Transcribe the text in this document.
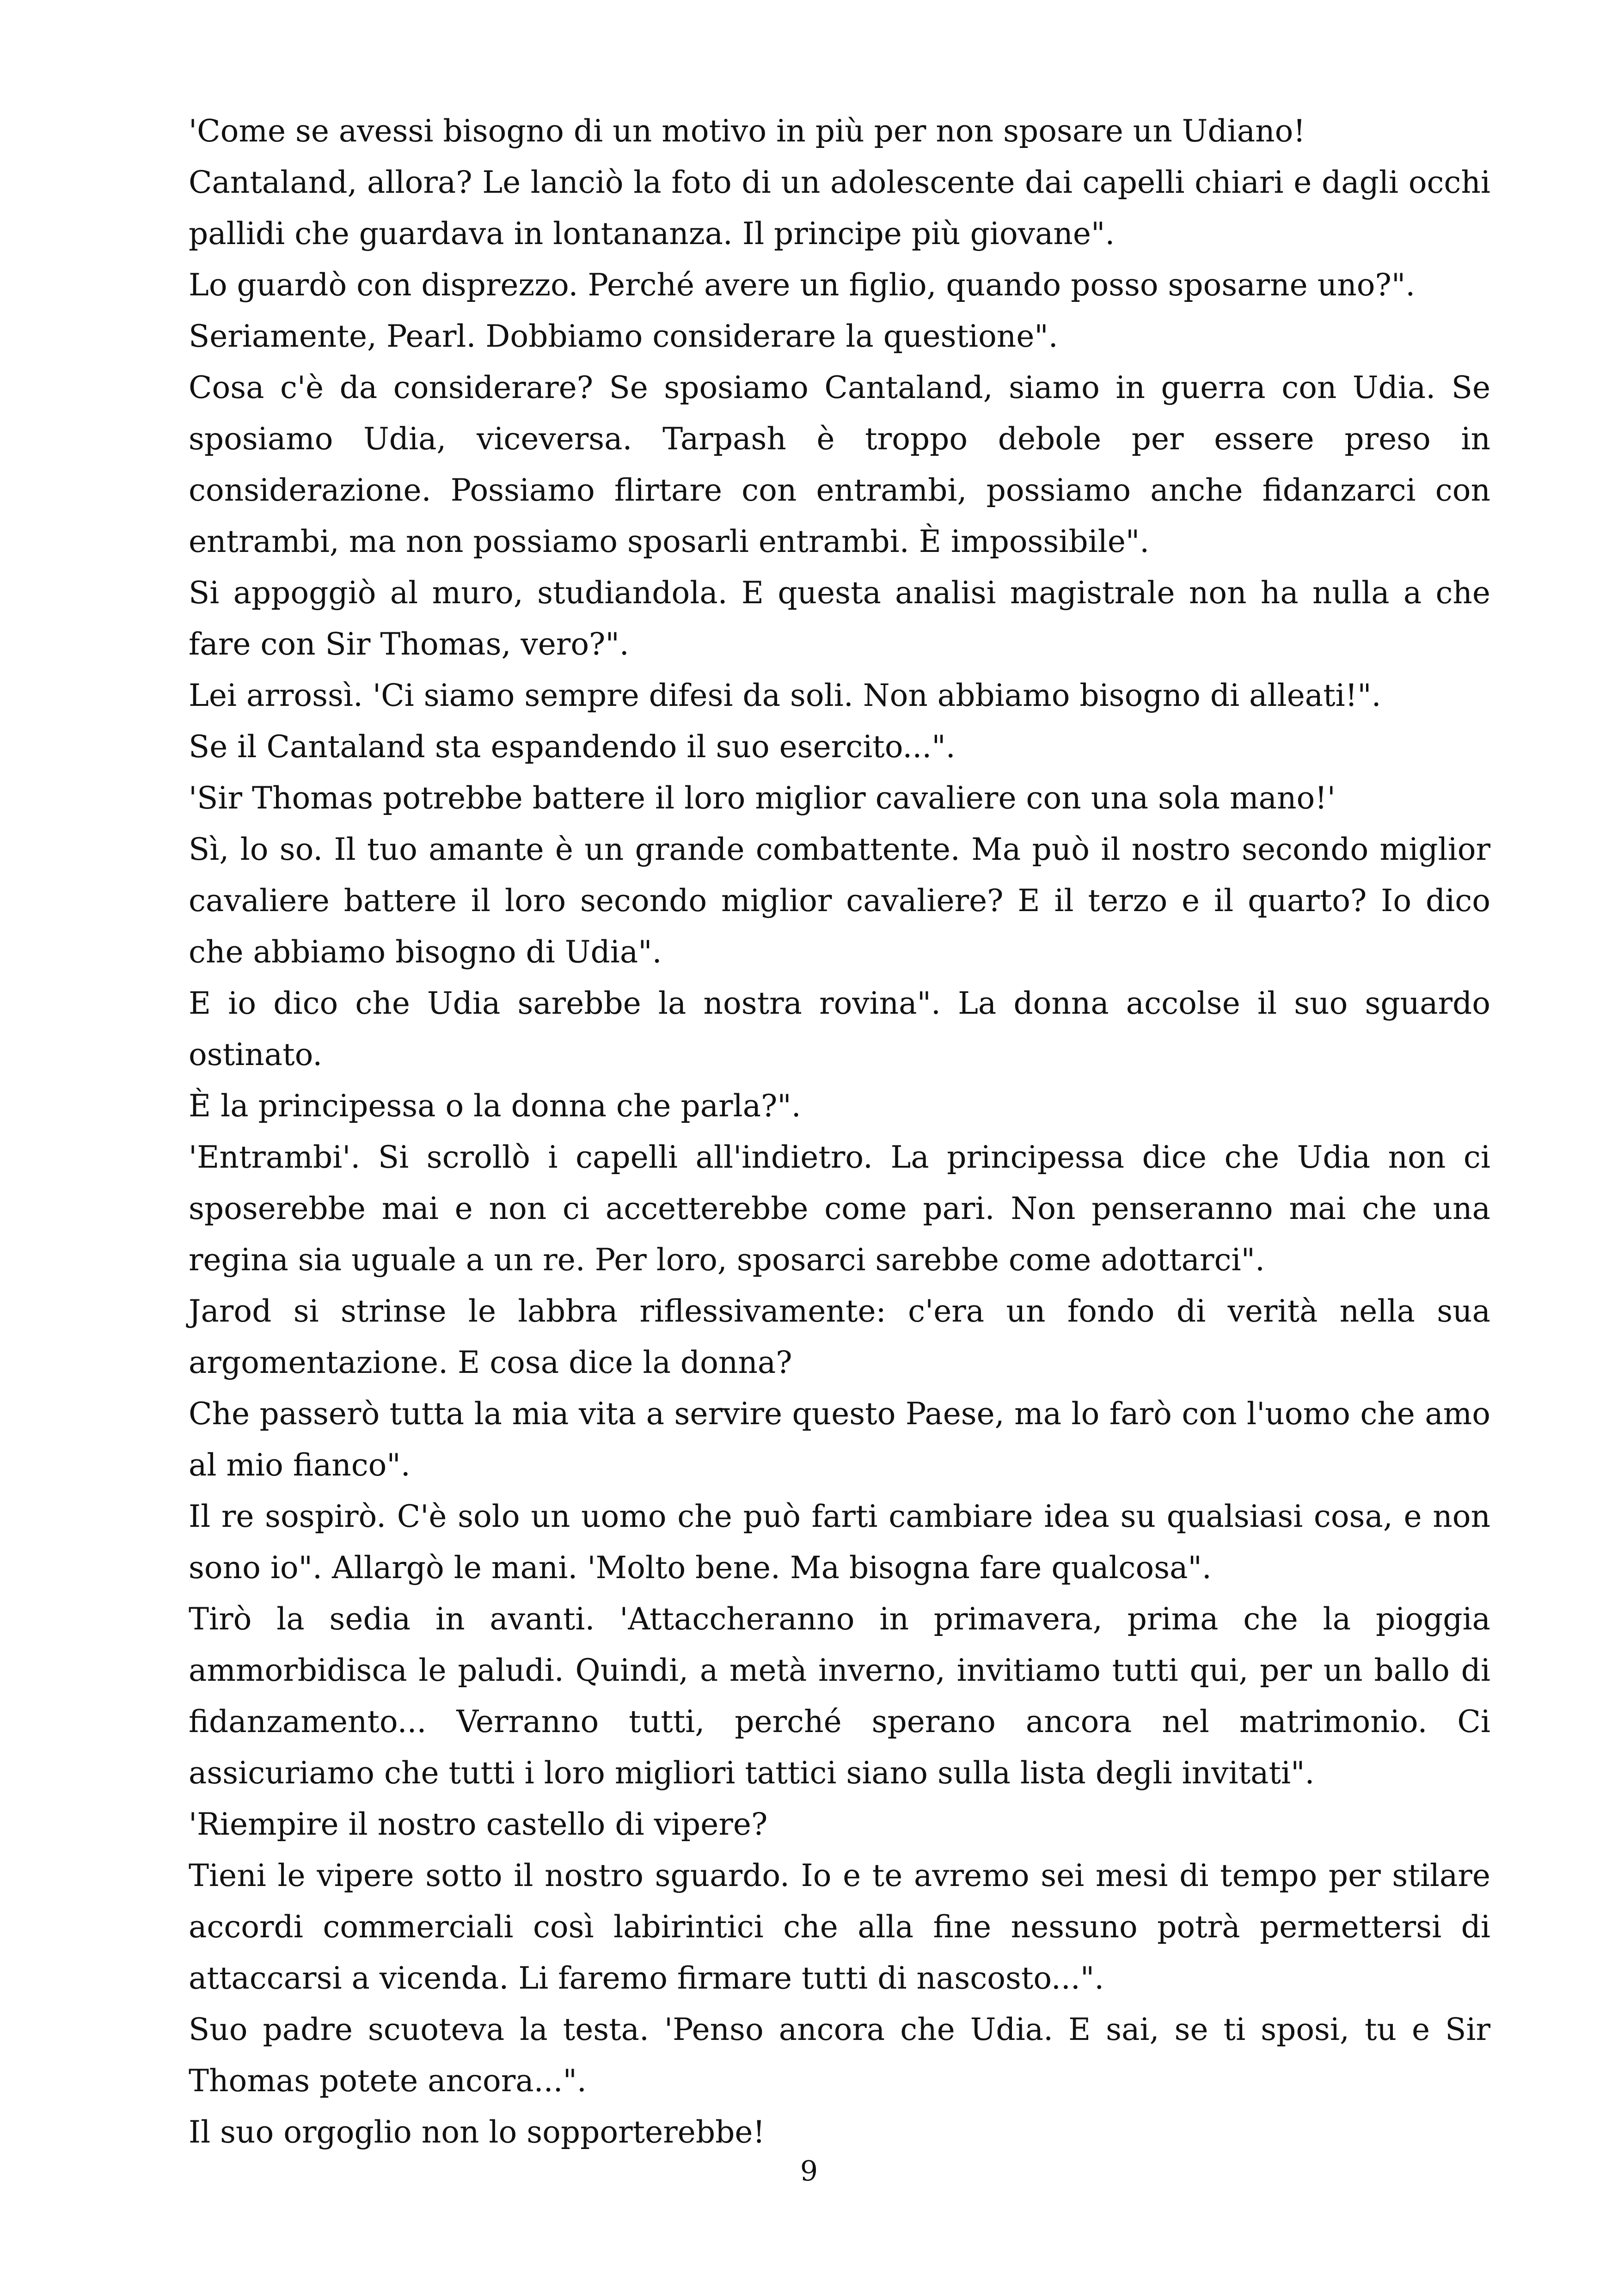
'Come se avessi bisogno di un motivo in più per non sposare un Udiano!

Cantaland, allora? Le lanciò la foto di un adolescente dai capelli chiari e dagli occhi pallidi che guardava in lontananza. Il principe più giovane".

Lo guardò con disprezzo. Perché avere un figlio, quando posso sposarne uno?".

Seriamente, Pearl. Dobbiamo considerare la questione".

Cosa c'è da considerare? Se sposiamo Cantaland, siamo in guerra con Udia. Se sposiamo Udia, viceversa. Tarpash è troppo debole per essere preso in considerazione. Possiamo flirtare con entrambi, possiamo anche fidanzarci con entrambi, ma non possiamo sposarli entrambi. È impossibile".

Si appoggiò al muro, studiandola. E questa analisi magistrale non ha nulla a che fare con Sir Thomas, vero?".

Lei arrossì. 'Ci siamo sempre difesi da soli. Non abbiamo bisogno di alleati!".

Se il Cantaland sta espandendo il suo esercito...".

'Sir Thomas potrebbe battere il loro miglior cavaliere con una sola mano!'

Sì, lo so. Il tuo amante è un grande combattente. Ma può il nostro secondo miglior cavaliere battere il loro secondo miglior cavaliere? E il terzo e il quarto? Io dico che abbiamo bisogno di Udia".

E io dico che Udia sarebbe la nostra rovina". La donna accolse il suo sguardo ostinato.

È la principessa o la donna che parla?".

'Entrambi'. Si scrollò i capelli all'indietro. La principessa dice che Udia non ci sposerebbe mai e non ci accetterebbe come pari. Non penseranno mai che una regina sia uguale a un re. Per loro, sposarci sarebbe come adottarci".

Jarod si strinse le labbra riflessivamente: c'era un fondo di verità nella sua argomentazione. E cosa dice la donna?

Che passerò tutta la mia vita a servire questo Paese, ma lo farò con l'uomo che amo al mio fianco".

Il re sospirò. C'è solo un uomo che può farti cambiare idea su qualsiasi cosa, e non sono io". Allargò le mani. 'Molto bene. Ma bisogna fare qualcosa".

Tirò la sedia in avanti. 'Attaccheranno in primavera, prima che la pioggia ammorbidisca le paludi. Quindi, a metà inverno, invitiamo tutti qui, per un ballo di fidanzamento... Verranno tutti, perché sperano ancora nel matrimonio. Ci assicuriamo che tutti i loro migliori tattici siano sulla lista degli invitati".

'Riempire il nostro castello di vipere?

Tieni le vipere sotto il nostro sguardo. Io e te avremo sei mesi di tempo per stilare accordi commerciali così labirintici che alla fine nessuno potrà permettersi di attaccarsi a vicenda. Li faremo firmare tutti di nascosto...".

Suo padre scuoteva la testa. 'Penso ancora che Udia. E sai, se ti sposi, tu e Sir Thomas potete ancora...".

Il suo orgoglio non lo sopporterebbe!

9
